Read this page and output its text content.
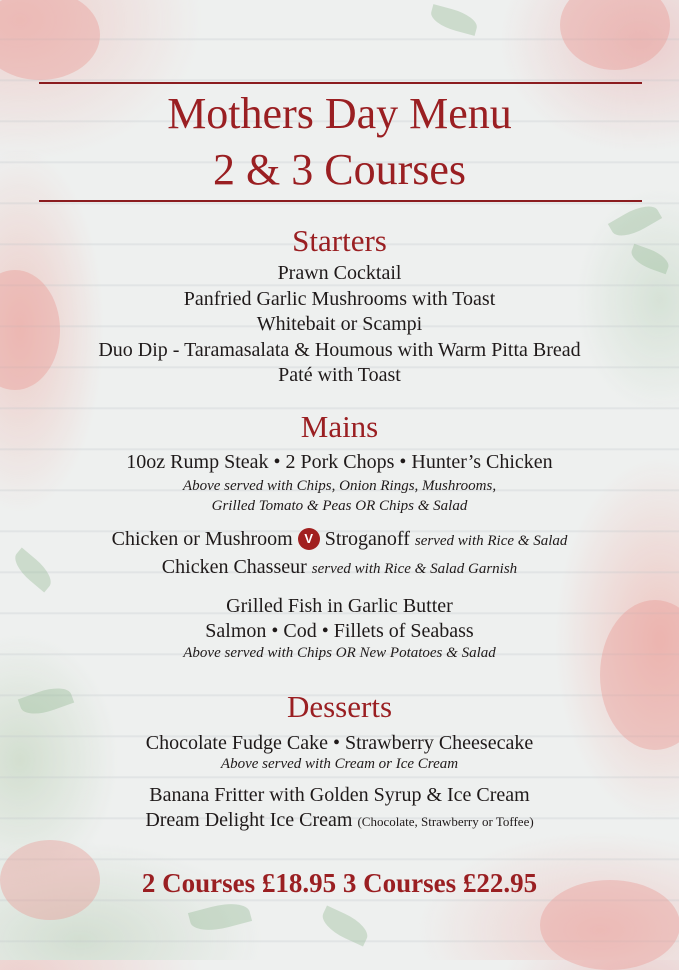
Mothers Day Menu
2 & 3 Courses
Starters
Prawn Cocktail
Panfried Garlic Mushrooms with Toast
Whitebait or Scampi
Duo Dip - Taramasalata & Houmous with Warm Pitta Bread
Paté with Toast
Mains
10oz Rump Steak • 2 Pork Chops • Hunter’s Chicken
Above served with Chips, Onion Rings, Mushrooms,
Grilled Tomato & Peas OR Chips & Salad
Chicken or Mushroom V Stroganoff served with Rice & Salad
Chicken Chasseur served with Rice & Salad Garnish
Grilled Fish in Garlic Butter
Salmon • Cod • Fillets of Seabass
Above served with Chips OR New Potatoes & Salad
Desserts
Chocolate Fudge Cake • Strawberry Cheesecake
Above served with Cream or Ice Cream
Banana Fritter with Golden Syrup & Ice Cream
Dream Delight Ice Cream (Chocolate, Strawberry or Toffee)
2 Courses £18.95 3 Courses £22.95
